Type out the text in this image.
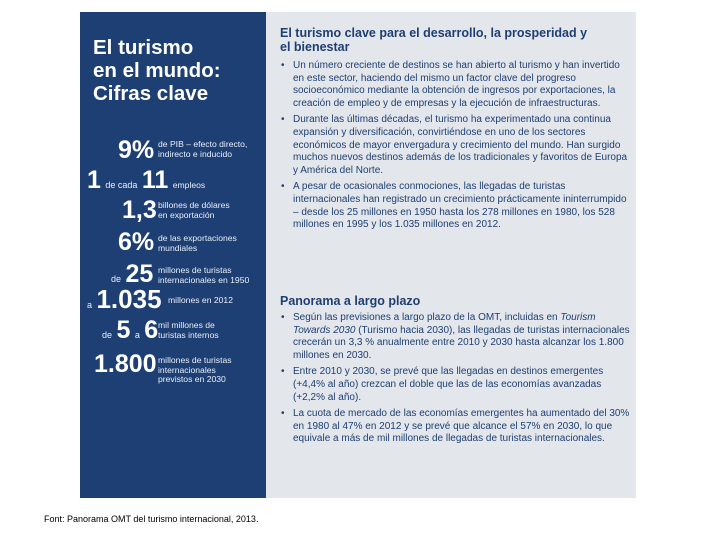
El turismo
en el mundo:
Cifras clave
9% de PIB – efecto directo,
indirecto e inducido
1 de cada 11 empleos
1,3 billones de dólares
en exportación
6% de las exportaciones
mundiales
de 25 millones de turistas
internacionales en 1950
a 1.035 millones en 2012
de 5 a 6 mil millones de
turistas internos
1.800 millones de turistas
internacionales
previstos en 2030
El turismo clave para el desarrollo, la prosperidad y el bienestar
• Un número creciente de destinos se han abierto al turismo y han invertido en este sector, haciendo del mismo un factor clave del progreso socioeconómico mediante la obtención de ingresos por exportaciones, la creación de empleo y de empresas y la ejecución de infraestructuras.
• Durante las últimas décadas, el turismo ha experimentado una continua expansión y diversificación, convirtiéndose en uno de los sectores económicos de mayor envergadura y crecimiento del mundo. Han surgido muchos nuevos destinos además de los tradicionales y favoritos de Europa y América del Norte.
• A pesar de ocasionales conmociones, las llegadas de turistas internacionales han registrado un crecimiento prácticamente ininterrumpido – desde los 25 millones en 1950 hasta los 278 millones en 1980, los 528 millones en 1995 y los 1.035 millones en 2012.
Panorama a largo plazo
• Según las previsiones a largo plazo de la OMT, incluidas en Tourism Towards 2030 (Turismo hacia 2030), las llegadas de turistas internacionales crecerán un 3,3 % anualmente entre 2010 y 2030 hasta alcanzar los 1.800 millones en 2030.
• Entre 2010 y 2030, se prevé que las llegadas en destinos emergentes (+4,4% al año) crezcan el doble que las de las economías avanzadas (+2,2% al año).
• La cuota de mercado de las economías emergentes ha aumentado del 30% en 1980 al 47% en 2012 y se prevé que alcance el 57% en 2030, lo que equivale a más de mil millones de llegadas de turistas internacionales.
Font: Panorama OMT del turismo internacional, 2013.
